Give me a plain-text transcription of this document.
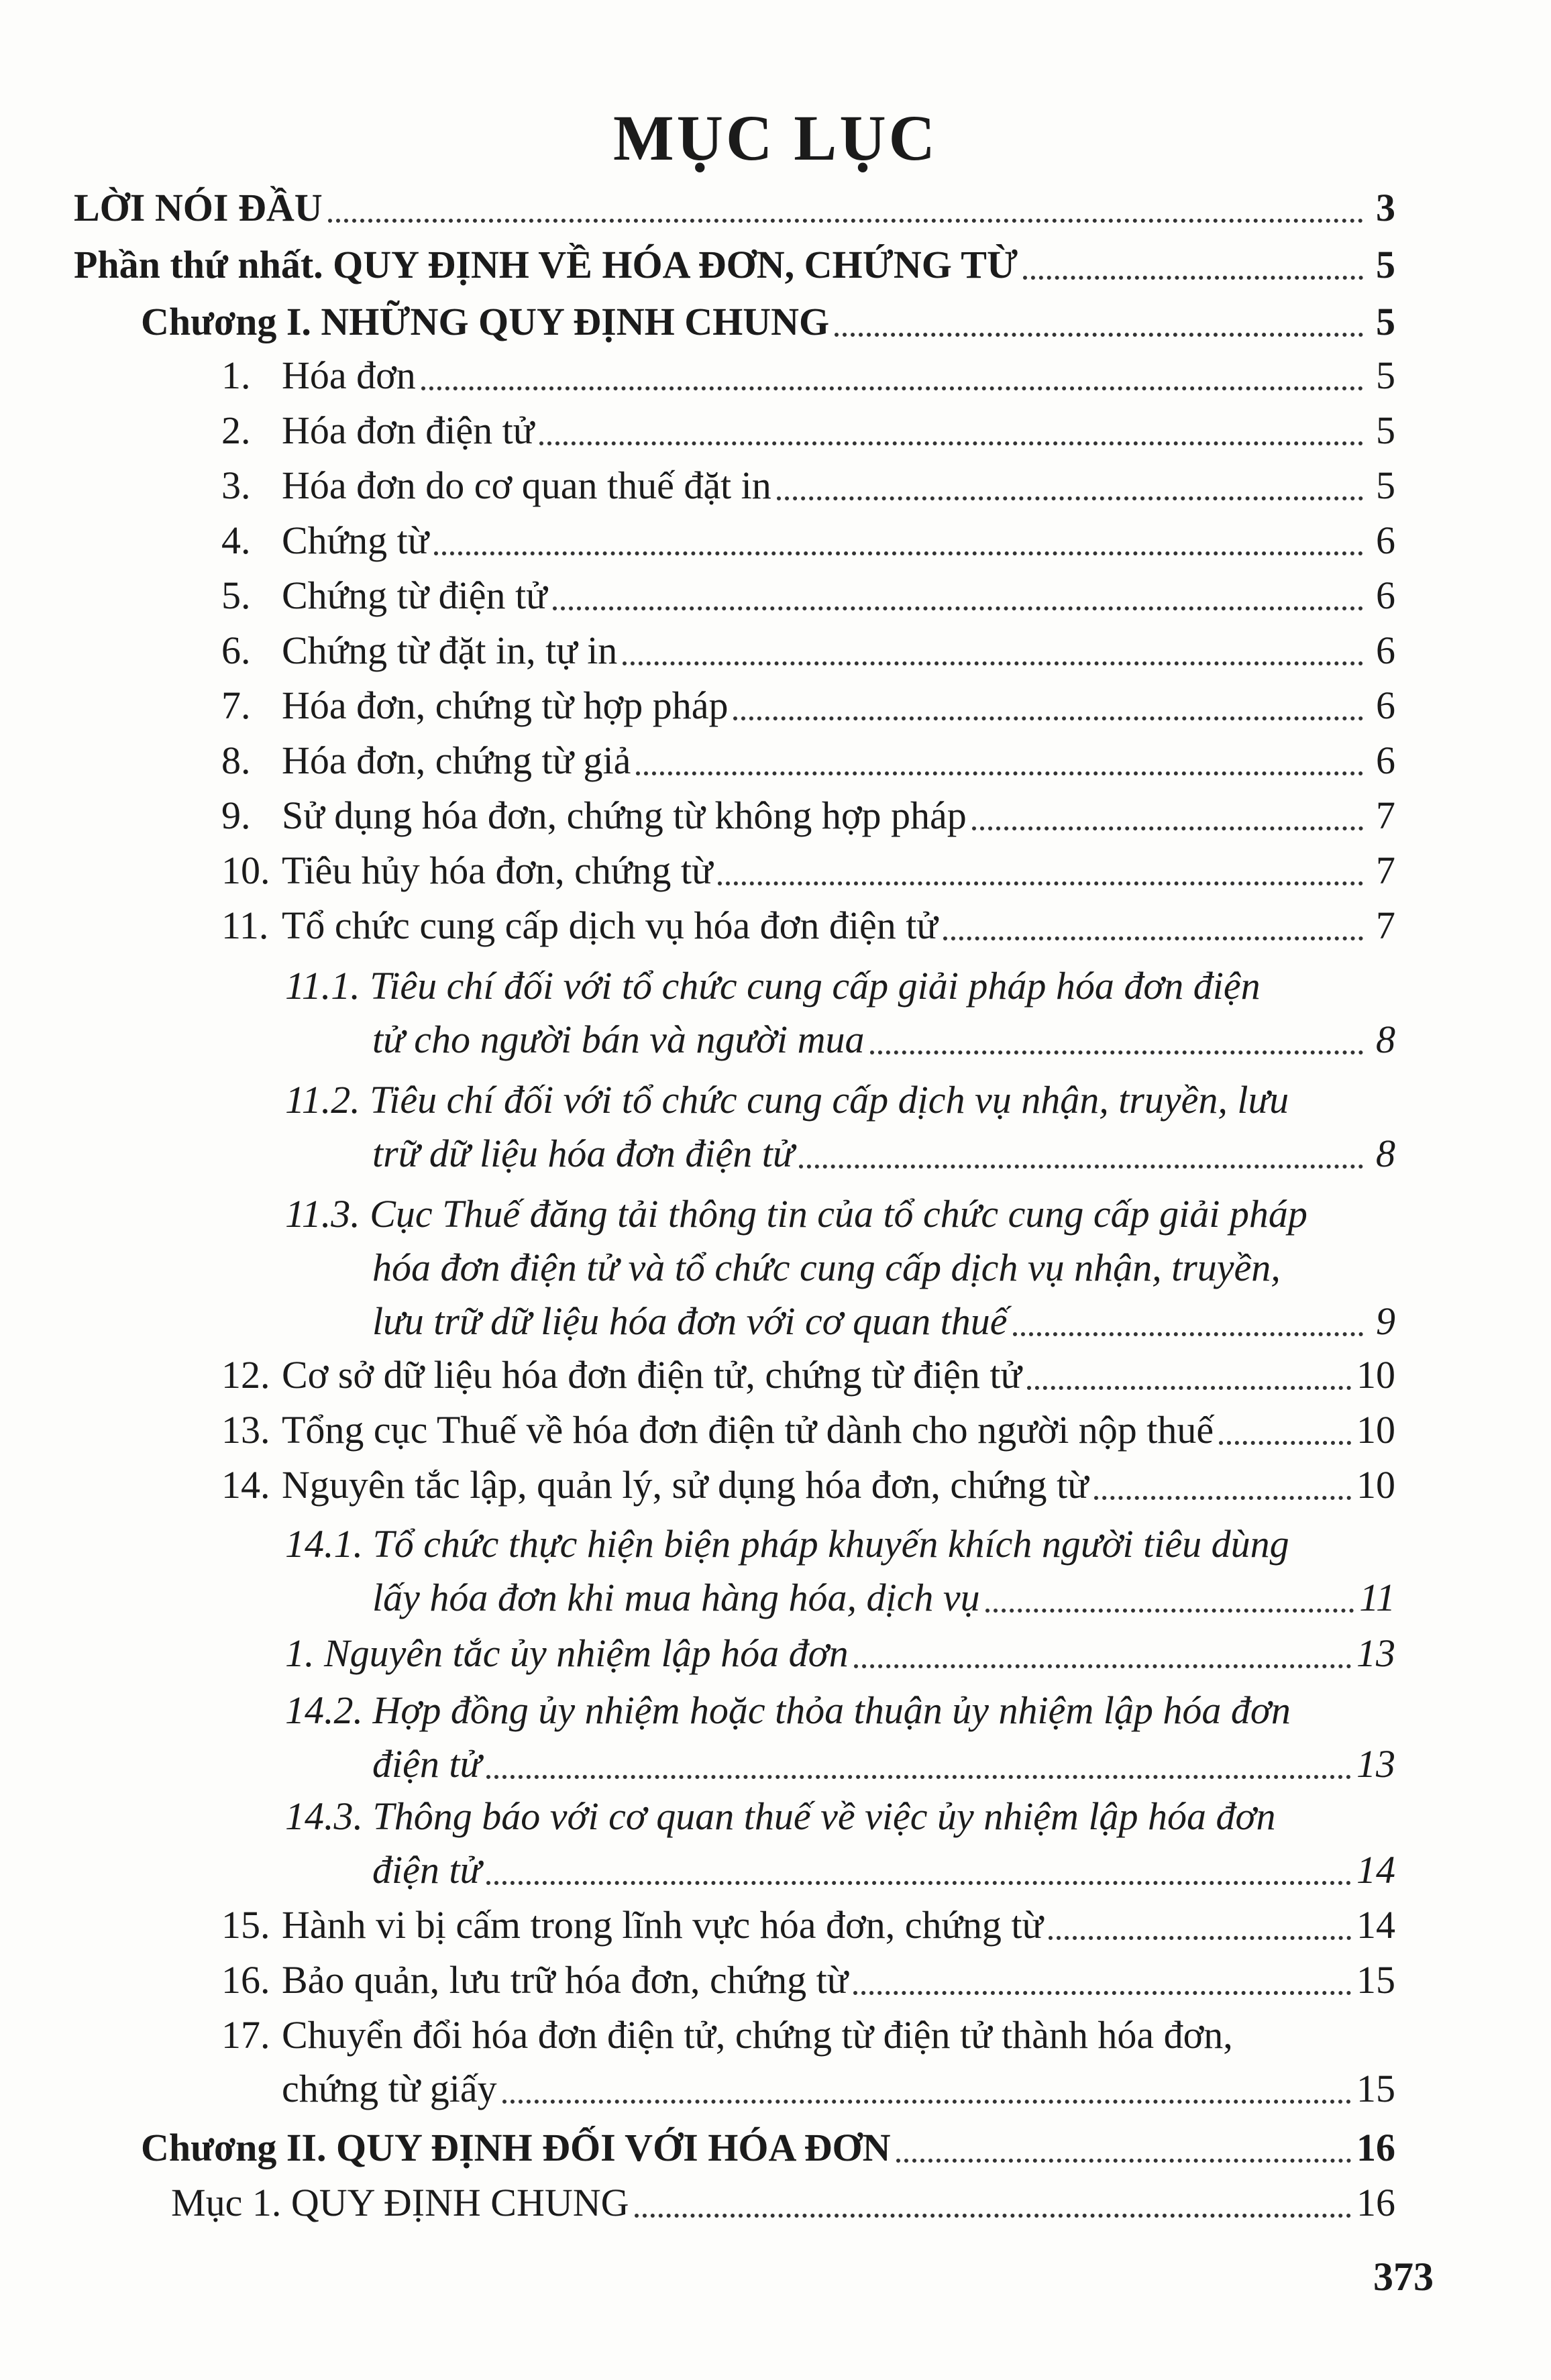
MỤC LỤC
LỜI NÓI ĐẦU	3
Phần thứ nhất. QUY ĐỊNH VỀ HÓA ĐƠN, CHỨNG TỪ	5
Chương I. NHỮNG QUY ĐỊNH CHUNG	5
1. Hóa đơn	5
2. Hóa đơn điện tử	5
3. Hóa đơn do cơ quan thuế đặt in	5
4. Chứng từ	6
5. Chứng từ điện tử	6
6. Chứng từ đặt in, tự in	6
7. Hóa đơn, chứng từ hợp pháp	6
8. Hóa đơn, chứng từ giả	6
9. Sử dụng hóa đơn, chứng từ không hợp pháp	7
10. Tiêu hủy hóa đơn, chứng từ	7
11. Tổ chức cung cấp dịch vụ hóa đơn điện tử	7
11.1. Tiêu chí đối với tổ chức cung cấp giải pháp hóa đơn điện
tử cho người bán và người mua	8
11.2. Tiêu chí đối với tổ chức cung cấp dịch vụ nhận, truyền, lưu
trữ dữ liệu hóa đơn điện tử	8
11.3. Cục Thuế đăng tải thông tin của tổ chức cung cấp giải pháp
hóa đơn điện tử và tổ chức cung cấp dịch vụ nhận, truyền,
lưu trữ dữ liệu hóa đơn với cơ quan thuế	9
12. Cơ sở dữ liệu hóa đơn điện tử, chứng từ điện tử	10
13. Tổng cục Thuế về hóa đơn điện tử dành cho người nộp thuế	10
14. Nguyên tắc lập, quản lý, sử dụng hóa đơn, chứng từ	10
14.1. Tổ chức thực hiện biện pháp khuyến khích người tiêu dùng
lấy hóa đơn khi mua hàng hóa, dịch vụ	11
1. Nguyên tắc ủy nhiệm lập hóa đơn	13
14.2. Hợp đồng ủy nhiệm hoặc thỏa thuận ủy nhiệm lập hóa đơn
điện tử	13
14.3. Thông báo với cơ quan thuế về việc ủy nhiệm lập hóa đơn
điện tử	14
15. Hành vi bị cấm trong lĩnh vực hóa đơn, chứng từ	14
16. Bảo quản, lưu trữ hóa đơn, chứng từ	15
17. Chuyển đổi hóa đơn điện tử, chứng từ điện tử thành hóa đơn,
chứng từ giấy	15
Chương II. QUY ĐỊNH ĐỐI VỚI HÓA ĐƠN	16
Mục 1. QUY ĐỊNH CHUNG	16
373
